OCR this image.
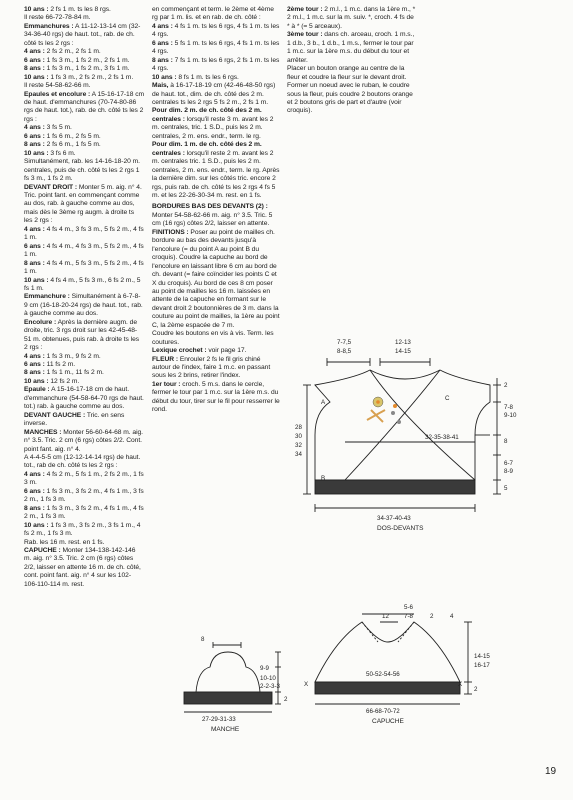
10 ans : 2 fs 1 m. ts les 8 rgs.

Il reste 66-72-78-84 m.

Emmanchures : A 11-12-13-14 cm (32-34-36-40 rgs) de haut. tot., rab. de ch. côté ts les 2 rgs :

4 ans : 2 fs 2 m., 2 fs 1 m.

6 ans : 1 fs 3 m., 1 fs 2 m., 2 fs 1 m.

8 ans : 1 fs 3 m., 1 fs 2 m., 3 fs 1 m.

10 ans : 1 fs 3 m., 2 fs 2 m., 2 fs 1 m.

Il reste 54-58-62-66 m.

Epaules et encolure : A 15-16-17-18 cm de haut. d'emmanchures (70-74-80-86 rgs de haut. tot.), rab. de ch. côté ts les 2 rgs :

4 ans : 3 fs 5 m.

6 ans : 1 fs 6 m., 2 fs 5 m.

8 ans : 2 fs 6 m., 1 fs 5 m.

10 ans : 3 fs 6 m.

Simultanément, rab. les 14-16-18-20 m. centrales, puis de ch. côté ts les 2 rgs 1 fs 3 m., 1 fs 2 m.

DEVANT DROIT : Monter 5 m. aig. n° 4. Tric. point fant. en commençant comme au dos, rab. à gauche comme au dos, mais dès le 3ème rg augm. à droite ts les 2 rgs :

4 ans : 4 fs 4 m., 3 fs 3 m., 5 fs 2 m., 4 fs 1 m.

6 ans : 4 fs 4 m., 4 fs 3 m., 5 fs 2 m., 4 fs 1 m.

8 ans : 4 fs 4 m., 5 fs 3 m., 5 fs 2 m., 4 fs 1 m.

10 ans : 4 fs 4 m., 5 fs 3 m., 6 fs 2 m., 5 fs 1 m.

Emmanchure : Simultanément à 6-7-8-9 cm (16-18-20-24 rgs) de haut. tot., rab. à gauche comme au dos.

Encolure : Après la dernière augm. de droite, tric. 3 rgs droit sur les 42-45-48-51 m. obtenues, puis rab. à droite ts les 2 rgs :

4 ans : 1 fs 3 m., 9 fs 2 m.

6 ans : 11 fs 2 m.

8 ans : 1 fs 1 m., 11 fs 2 m.

10 ans : 12 fs 2 m.

Epaule : A 15-16-17-18 cm de haut. d'emmanchure (54-58-64-70 rgs de haut. tot.) rab. à gauche comme au dos.

DEVANT GAUCHE : Tric. en sens inverse.

MANCHES : Monter 56-60-64-68 m. aig. n° 3.5. Tric. 2 cm (6 rgs) côtes 2/2. Cont. point fant. aig. n° 4.

A 4-4-5-5 cm (12-12-14-14 rgs) de haut. tot., rab de ch. côté ts les 2 rgs :

4 ans : 4 fs 2 m., 5 fs 1 m., 2 fs 2 m., 1 fs 3 m.

6 ans : 1 fs 3 m., 3 fs 2 m., 4 fs 1 m., 3 fs 2 m., 1 fs 3 m.

8 ans : 1 fs 3 m., 3 fs 2 m., 4 fs 1 m., 4 fs 2 m., 1 fs 3 m.

10 ans : 1 fs 3 m., 3 fs 2 m., 3 fs 1 m., 4 fs 2 m., 1 fs 3 m.

Rab. les 16 m. rest. en 1 fs.

CAPUCHE : Monter 134-138-142-146 m. aig. n° 3.5. Tric. 2 cm (6 rgs) côtes 2/2, laisser en attente 16 m. de ch. côté, cont. point fant. aig. n° 4 sur les 102-106-110-114 m. rest.

en commençant et term. le 2ème et 4ème rg par 1 m. lis. et en rab. de ch. côté :

4 ans : 4 fs 1 m. ts les 6 rgs, 4 fs 1 m. ts les 4 rgs.

6 ans : 5 fs 1 m. ts les 6 rgs, 4 fs 1 m. ts les 4 rgs.

8 ans : 7 fs 1 m. ts les 6 rgs, 2 fs 1 m. ts les 4 rgs.

10 ans : 8 fs 1 m. ts les 6 rgs.

Mais, à 16-17-18-19 cm (42-46-48-50 rgs) de haut. tot., dim. de ch. côté des 2 m. centrales ts les 2 rgs 5 fs 2 m., 2 fs 1 m.

Pour dim. 2 m. de ch. côté des 2 m. centrales : lorsqu'il reste 3 m. avant les 2 m. centrales, tric. 1 S.D., puis les 2 m. centrales, 2 m. ens. endr., term. le rg.

Pour dim. 1 m. de ch. côté des 2 m. centrales : lorsqu'il reste 2 m. avant les 2 m. centrales tric. 1 S.D., puis les 2 m. centrales, 2 m. ens. endr., term. le rg. Après la dernière dim. sur les côtés tric. encore 2 rgs, puis rab. de ch. côté ts les 2 rgs 4 fs 5 m. et les 22-26-30-34 m. rest. en 1 fs.

BORDURES BAS DES DEVANTS (2) : Monter 54-58-62-66 m. aig. n° 3.5. Tric. 5 cm (16 rgs) côtes 2/2, laisser en attente.

FINITIONS : Poser au point de mailles ch. bordure au bas des devants jusqu'à l'encolure (= du point A au point B du croquis). Coudre la capuche au bord de l'encolure en laissant libre 6 cm au bord de ch. devant (= faire coïncider les points C et X du croquis). Au bord de ces 8 cm poser au point de mailles les 16 m. laissées en attente de la capuche en formant sur le devant droit 2 boutonnières de 3 m. dans la couture au point de mailles, la 1ère au point C, la 2ème espacée de 7 m.

Coudre les boutons en vis à vis. Term. les coutures.

Lexique crochet : voir page 17.

FLEUR : Enrouler 2 fs le fil gris chiné autour de l'index, faire 1 m.c. en passant sous les 2 brins, retirer l'index.

1er tour : croch. 5 m.s. dans le cercle, fermer le tour par 1 m.c. sur la 1ère m.s. du début du tour, tirer sur le fil pour resserrer le rond.

2ème tour : 2 m.l., 1 m.c. dans la 1ère m., * 2 m.l., 1 m.c. sur la m. suiv. *, croch. 4 fs de * à * (= 5 arceaux).

3ème tour : dans ch. arceau, croch. 1 m.s., 1 d.b., 3 b., 1 d.b., 1 m.s., fermer le tour par 1 m.c. sur la 1ère m.s. du début du tour et arrêter.

Placer un bouton orange au centre de la fleur et coudre la fleur sur le devant droit. Former un noeud avec le ruban, le coudre sous la fleur, puis coudre 2 boutons orange et 2 boutons gris de part et d'autre (voir croquis).

7-7,5
8-8,5
12-13
14-15
2
7-8
9-10
8
6-7
8-9
5
28
30
32
34
32-35-38-41
A
B
C
34-37-40-43
DOS-DEVANTS
8
9-9
10-10
2-2-3-3
2
27-29-31-33
MANCHE
5-6
7-8
12	2	4
14-15
16-17
2
X	X
50-52-54-56
66-68-70-72
CAPUCHE
19
